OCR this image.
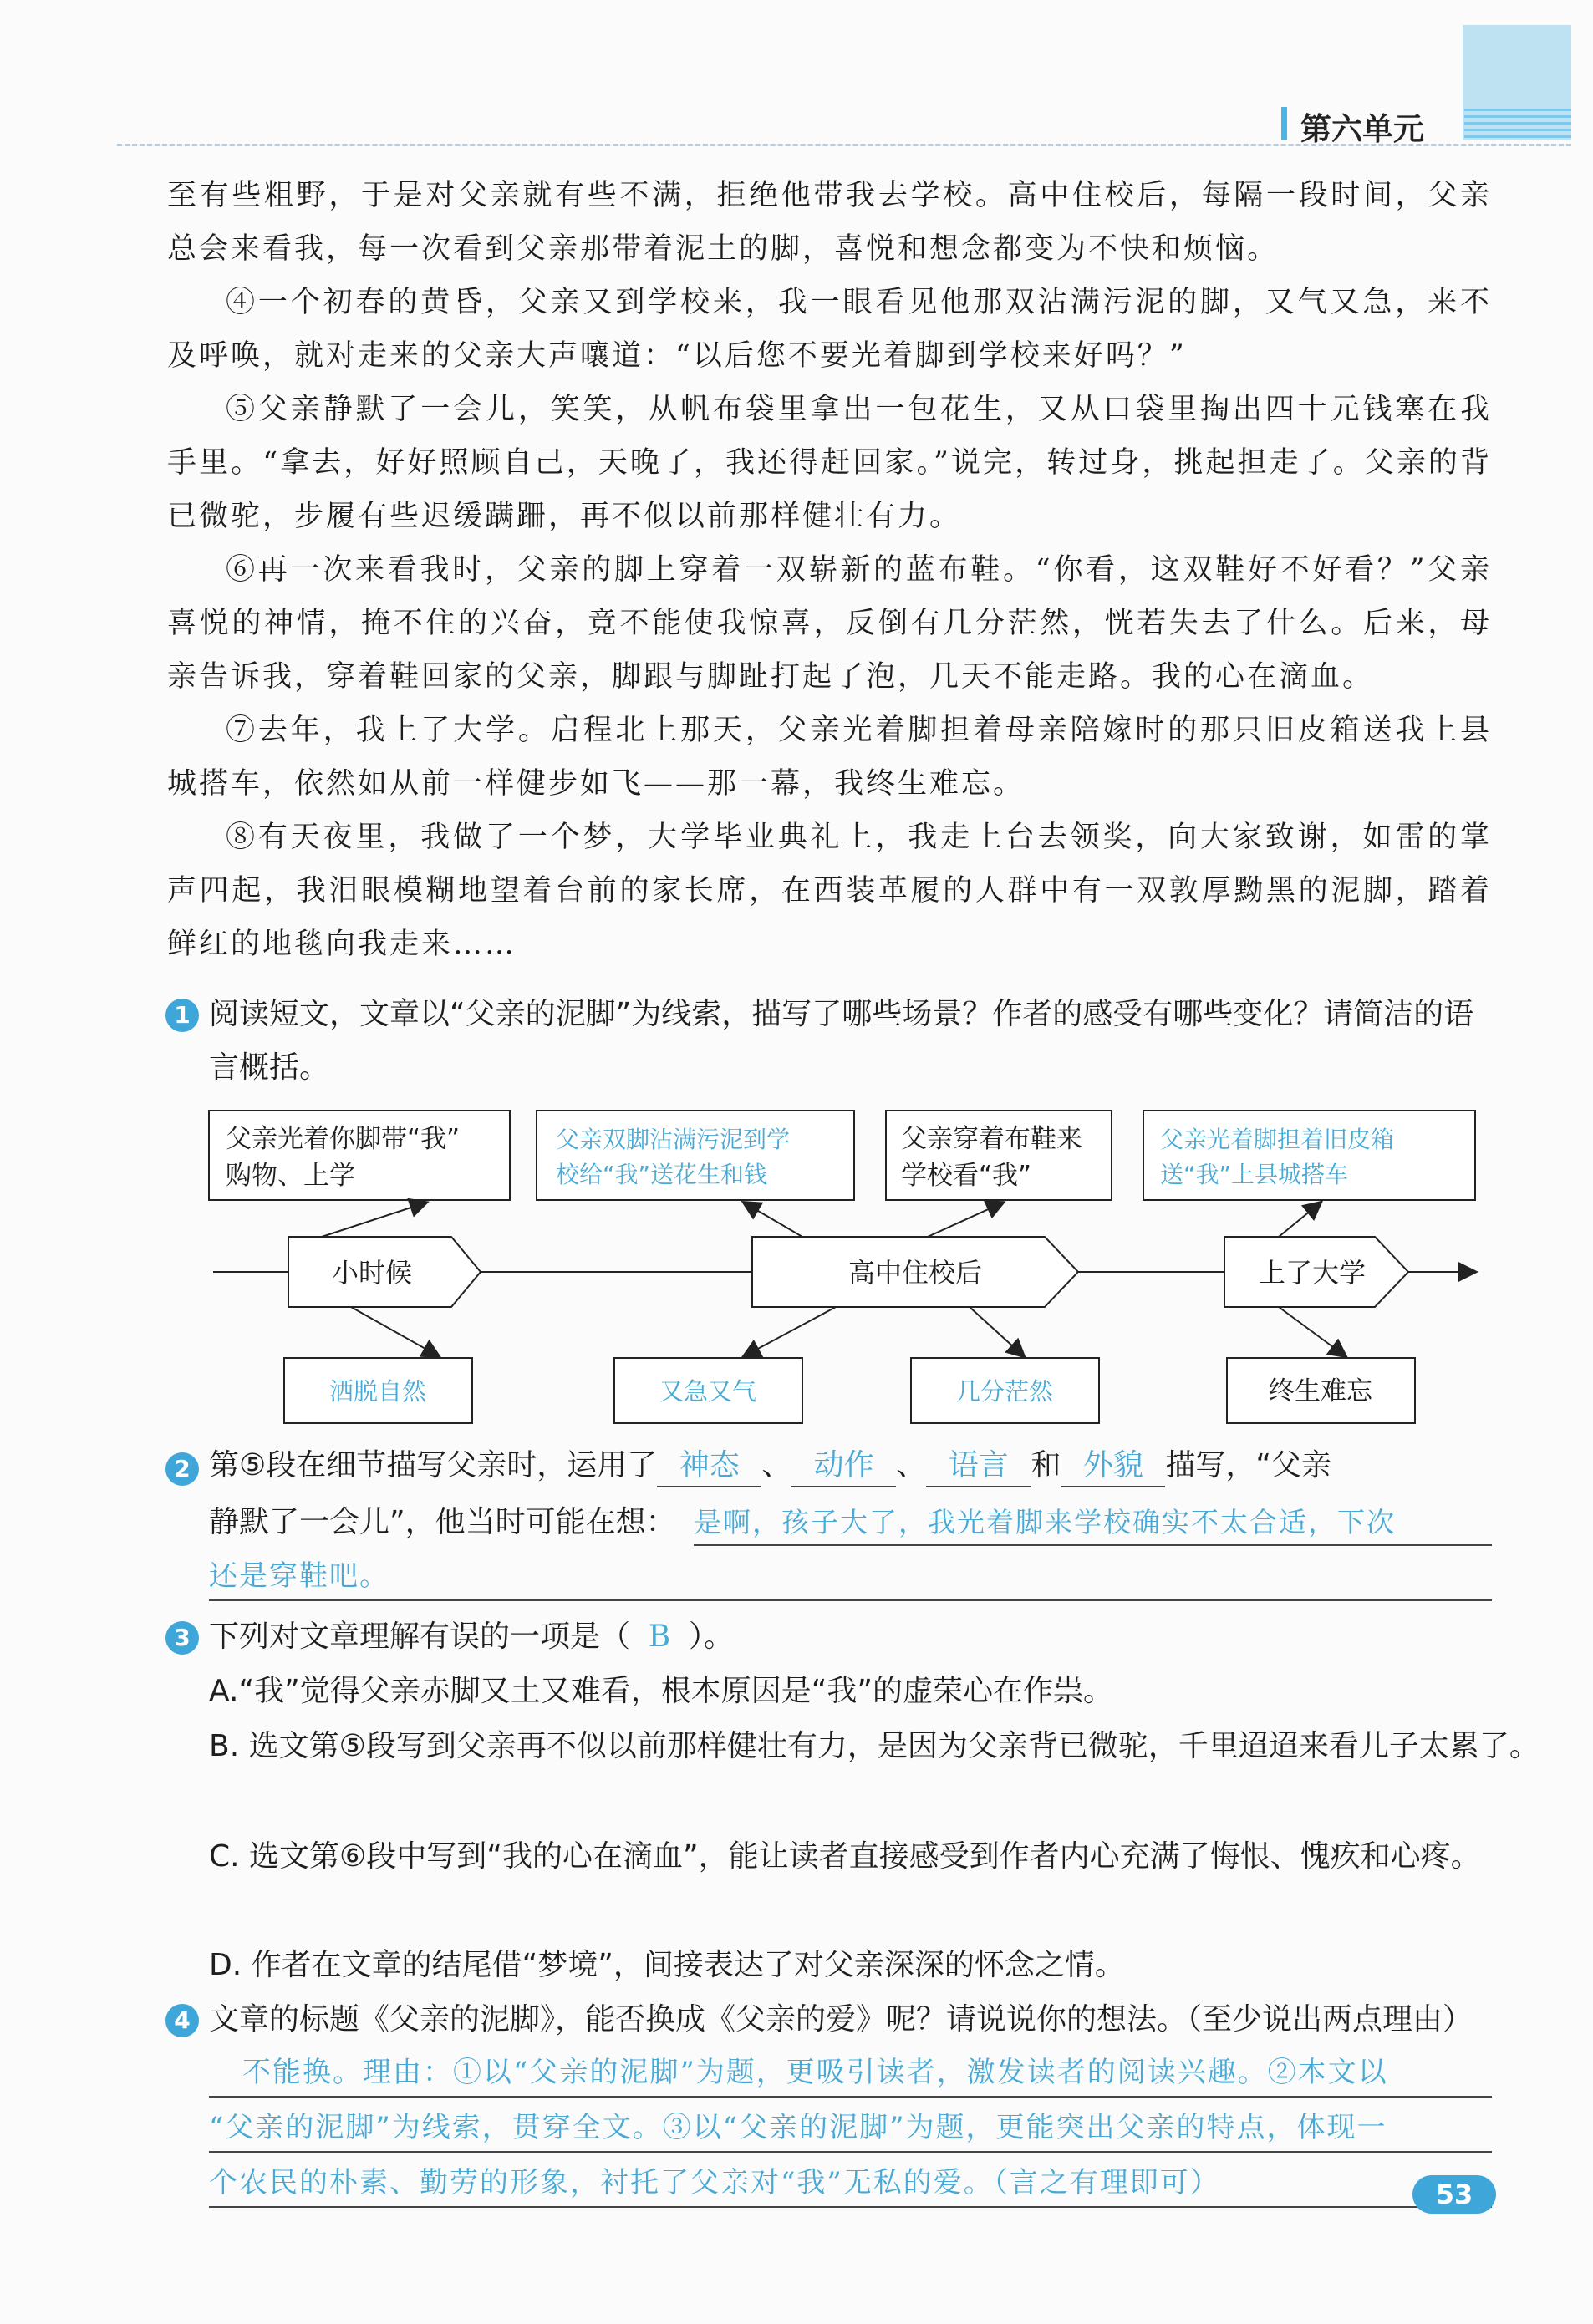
第六单元
至有些粗野，于是对父亲就有些不满，拒绝他带我去学校。高中住校后，每隔一段时间，父亲总会来看我，每一次看到父亲那带着泥土的脚，喜悦和想念都变为不快和烦恼。
④一个初春的黄昏，父亲又到学校来，我一眼看见他那双沾满污泥的脚，又气又急，来不及呼唤，就对走来的父亲大声嚷道：“以后您不要光着脚到学校来好吗？”
⑤父亲静默了一会儿，笑笑，从帆布袋里拿出一包花生，又从口袋里掏出四十元钱塞在我手里。“拿去，好好照顾自己，天晚了，我还得赶回家。”说完，转过身，挑起担走了。父亲的背已微驼，步履有些迟缓蹒跚，再不似以前那样健壮有力。
⑥再一次来看我时，父亲的脚上穿着一双崭新的蓝布鞋。“你看，这双鞋好不好看？”父亲喜悦的神情，掩不住的兴奋，竟不能使我惊喜，反倒有几分茫然，恍若失去了什么。后来，母亲告诉我，穿着鞋回家的父亲，脚跟与脚趾打起了泡，几天不能走路。我的心在滴血。
⑦去年，我上了大学。启程北上那天，父亲光着脚担着母亲陪嫁时的那只旧皮箱送我上县城搭车，依然如从前一样健步如飞——那一幕，我终生难忘。
⑧有天夜里，我做了一个梦，大学毕业典礼上，我走上台去领奖，向大家致谢，如雷的掌声四起，我泪眼模糊地望着台前的家长席，在西装革履的人群中有一双敦厚黝黑的泥脚，踏着鲜红的地毯向我走来……
1 阅读短文，文章以“父亲的泥脚”为线索，描写了哪些场景？作者的感受有哪些变化？请简洁的语言概括。
小时候	高中住校后	上了大学
父亲光着你脚带“我”
购物、上学
父亲双脚沾满污泥到学
校给“我”送花生和钱
父亲穿着布鞋来
学校看“我”
父亲光着脚担着旧皮箱
送“我”上县城搭车
洒脱自然	又急又气	几分茫然	终生难忘
2 第⑤段在细节描写父亲时，运用了 神态 、 动作 、 语言 和 外貌 描写，“父亲
静默了一会儿”，他当时可能在想： 是啊，孩子大了，我光着脚来学校确实不太合适，下次
还是穿鞋吧。
3 下列对文章理解有误的一项是（ B ）。
A.“我”觉得父亲赤脚又土又难看，根本原因是“我”的虚荣心在作祟。
B. 选文第⑤段写到父亲再不似以前那样健壮有力，是因为父亲背已微驼，千里迢迢来看儿子太累了。
C. 选文第⑥段中写到“我的心在滴血”，能让读者直接感受到作者内心充满了悔恨、愧疚和心疼。
D. 作者在文章的结尾借“梦境”，间接表达了对父亲深深的怀念之情。
4 文章的标题《父亲的泥脚》，能否换成《父亲的爱》呢？请说说你的想法。（至少说出两点理由）
不能换。理由：①以“父亲的泥脚”为题，更吸引读者，激发读者的阅读兴趣。②本文以
“父亲的泥脚”为线索，贯穿全文。③以“父亲的泥脚”为题，更能突出父亲的特点，体现一
个农民的朴素、勤劳的形象，衬托了父亲对“我”无私的爱。（言之有理即可）	53
